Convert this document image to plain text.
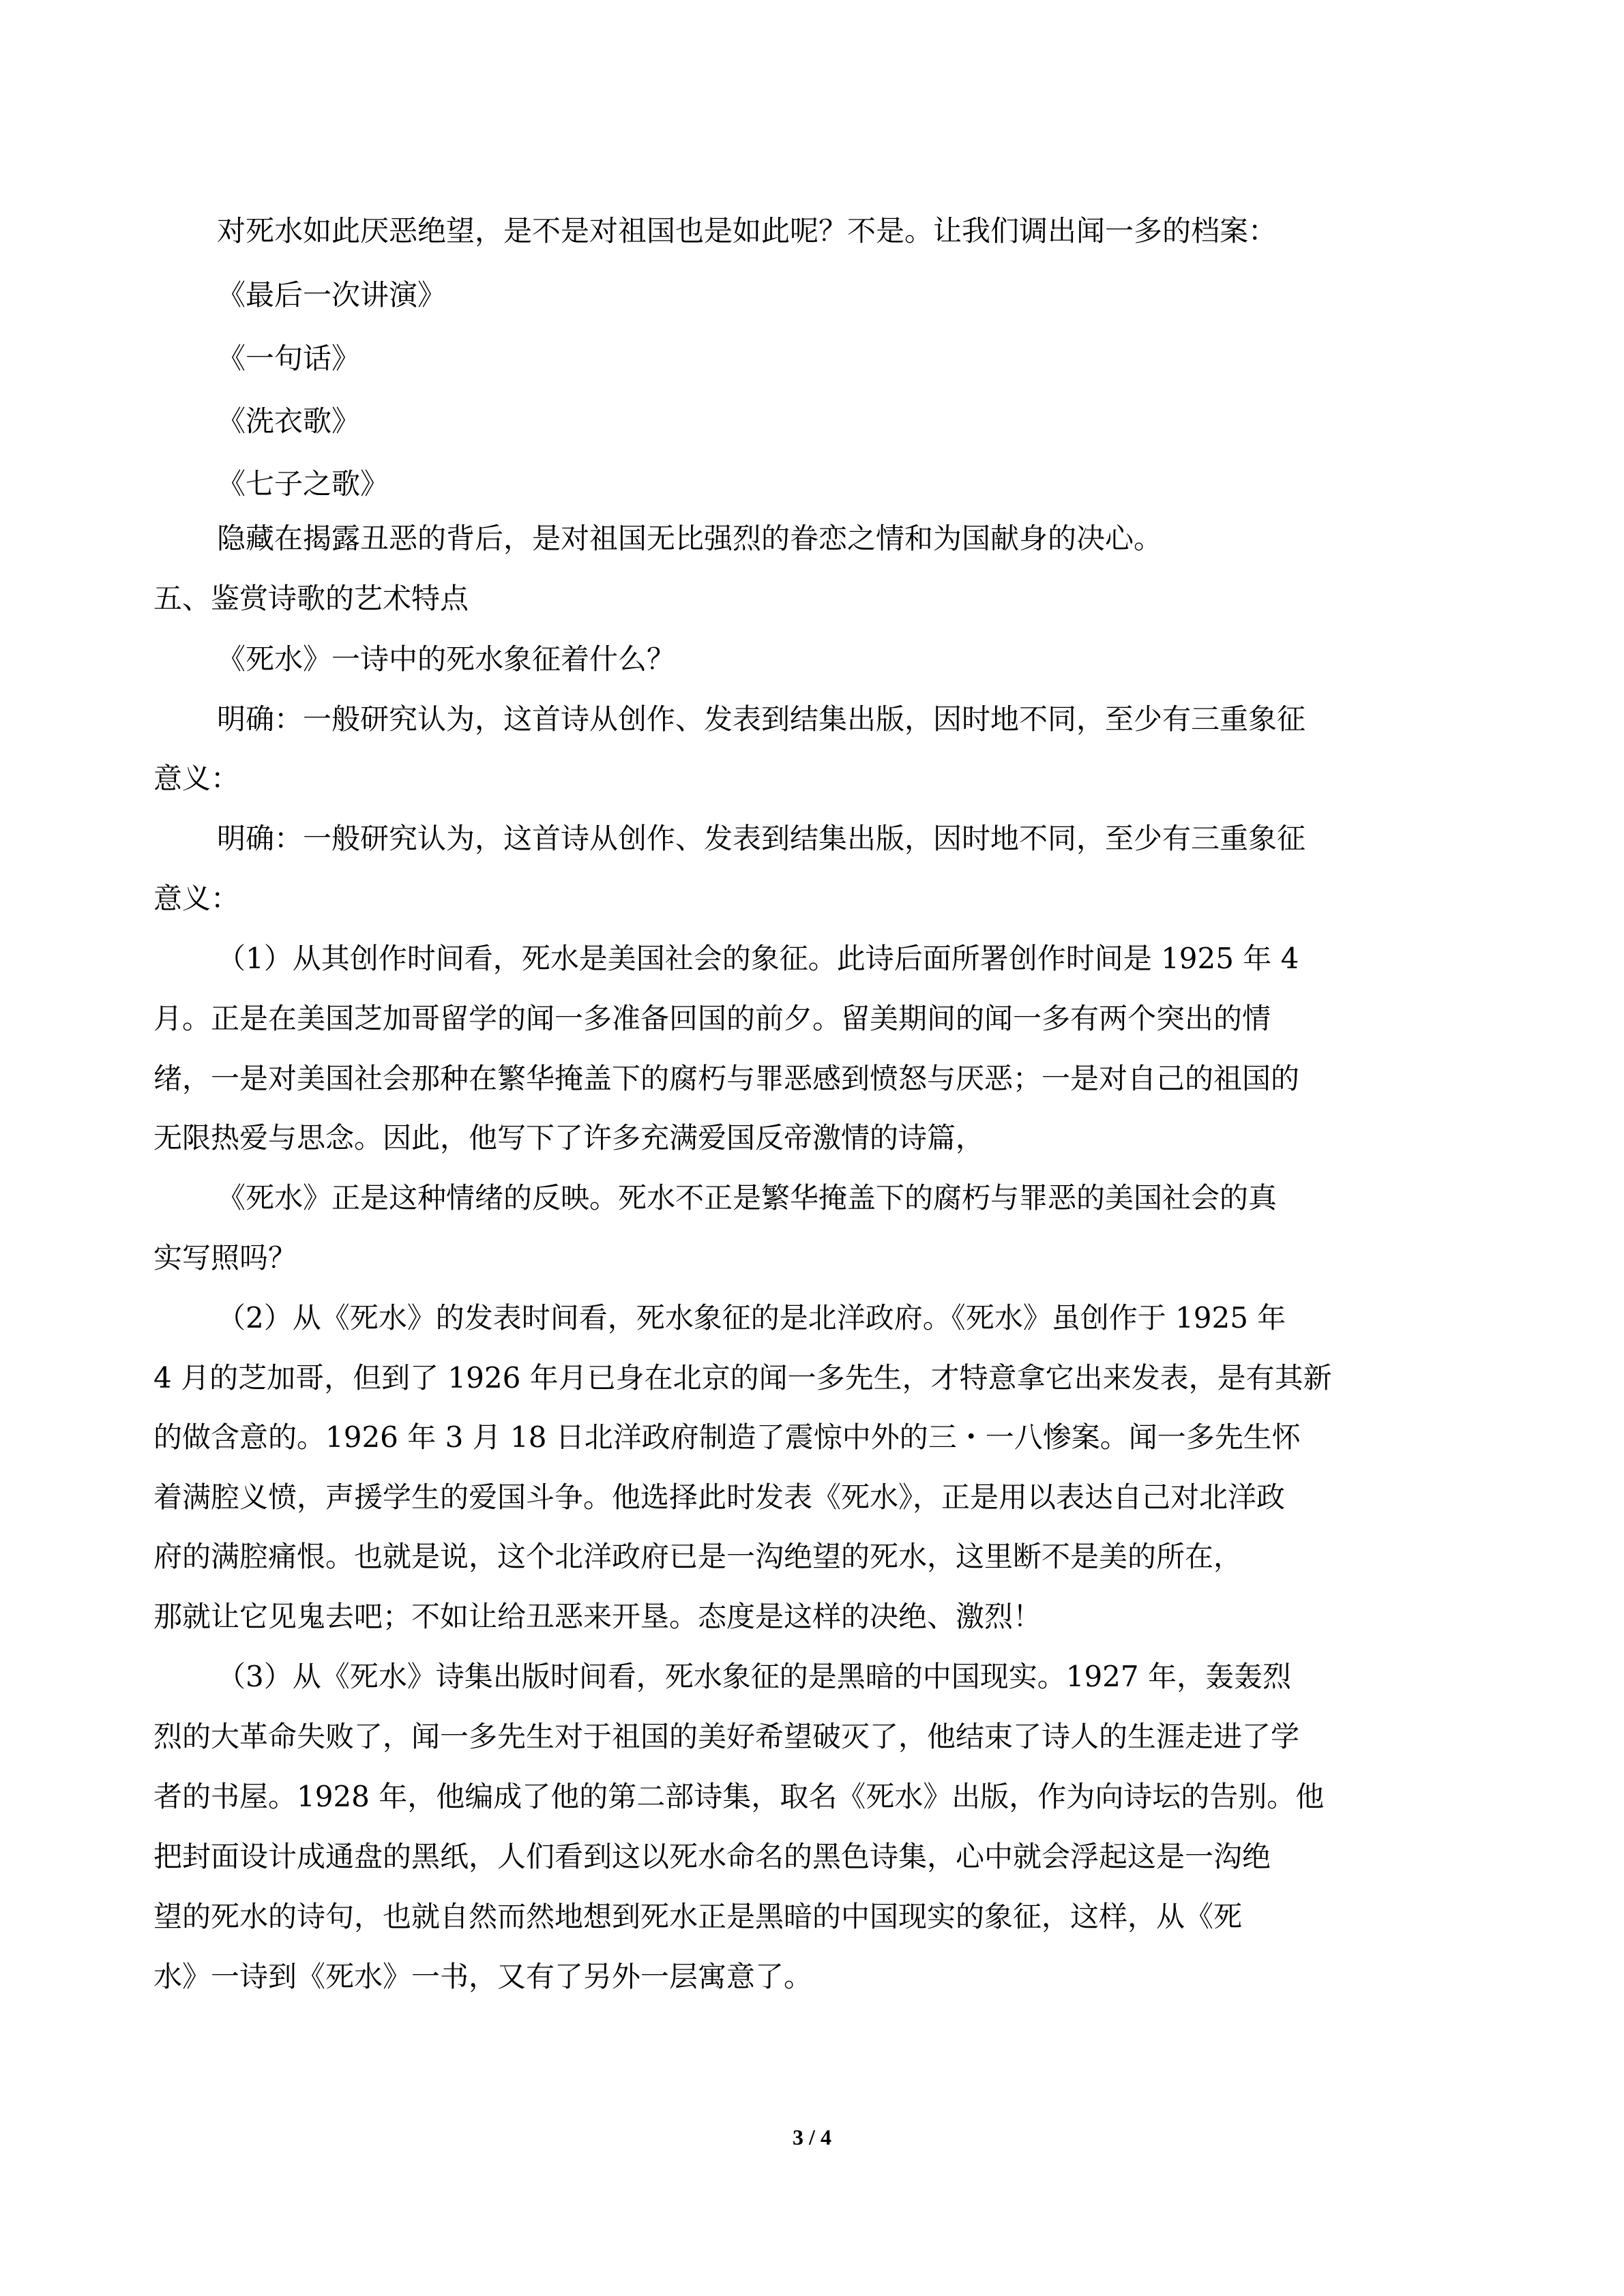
对死水如此厌恶绝望，是不是对祖国也是如此呢？不是。让我们调出闻一多的档案：
《最后一次讲演》
《一句话》
《洗衣歌》
《七子之歌》
隐藏在揭露丑恶的背后，是对祖国无比强烈的眷恋之情和为国献身的决心。
五、鉴赏诗歌的艺术特点
《死水》一诗中的死水象征着什么？
明确：一般研究认为，这首诗从创作、发表到结集出版，因时地不同，至少有三重象征
意义：
明确：一般研究认为，这首诗从创作、发表到结集出版，因时地不同，至少有三重象征
意义：
（1）从其创作时间看，死水是美国社会的象征。此诗后面所署创作时间是 1925 年 4
月。正是在美国芝加哥留学的闻一多准备回国的前夕。留美期间的闻一多有两个突出的情
绪，一是对美国社会那种在繁华掩盖下的腐朽与罪恶感到愤怒与厌恶；一是对自己的祖国的
无限热爱与思念。因此，他写下了许多充满爱国反帝激情的诗篇，
《死水》正是这种情绪的反映。死水不正是繁华掩盖下的腐朽与罪恶的美国社会的真
实写照吗？
（2）从《死水》的发表时间看，死水象征的是北洋政府。《死水》虽创作于 1925 年
4 月的芝加哥，但到了 1926 年月已身在北京的闻一多先生，才特意拿它出来发表，是有其新
的做含意的。1926 年 3 月 18 日北洋政府制造了震惊中外的三・一八惨案。闻一多先生怀
着满腔义愤，声援学生的爱国斗争。他选择此时发表《死水》，正是用以表达自己对北洋政
府的满腔痛恨。也就是说，这个北洋政府已是一沟绝望的死水，这里断不是美的所在，
那就让它见鬼去吧；不如让给丑恶来开垦。态度是这样的决绝、激烈！
（3）从《死水》诗集出版时间看，死水象征的是黑暗的中国现实。1927 年，轰轰烈
烈的大革命失败了，闻一多先生对于祖国的美好希望破灭了，他结束了诗人的生涯走进了学
者的书屋。1928 年，他编成了他的第二部诗集，取名《死水》出版，作为向诗坛的告别。他
把封面设计成通盘的黑纸，人们看到这以死水命名的黑色诗集，心中就会浮起这是一沟绝
望的死水的诗句，也就自然而然地想到死水正是黑暗的中国现实的象征，这样，从《死
水》一诗到《死水》一书，又有了另外一层寓意了。
3 / 4
